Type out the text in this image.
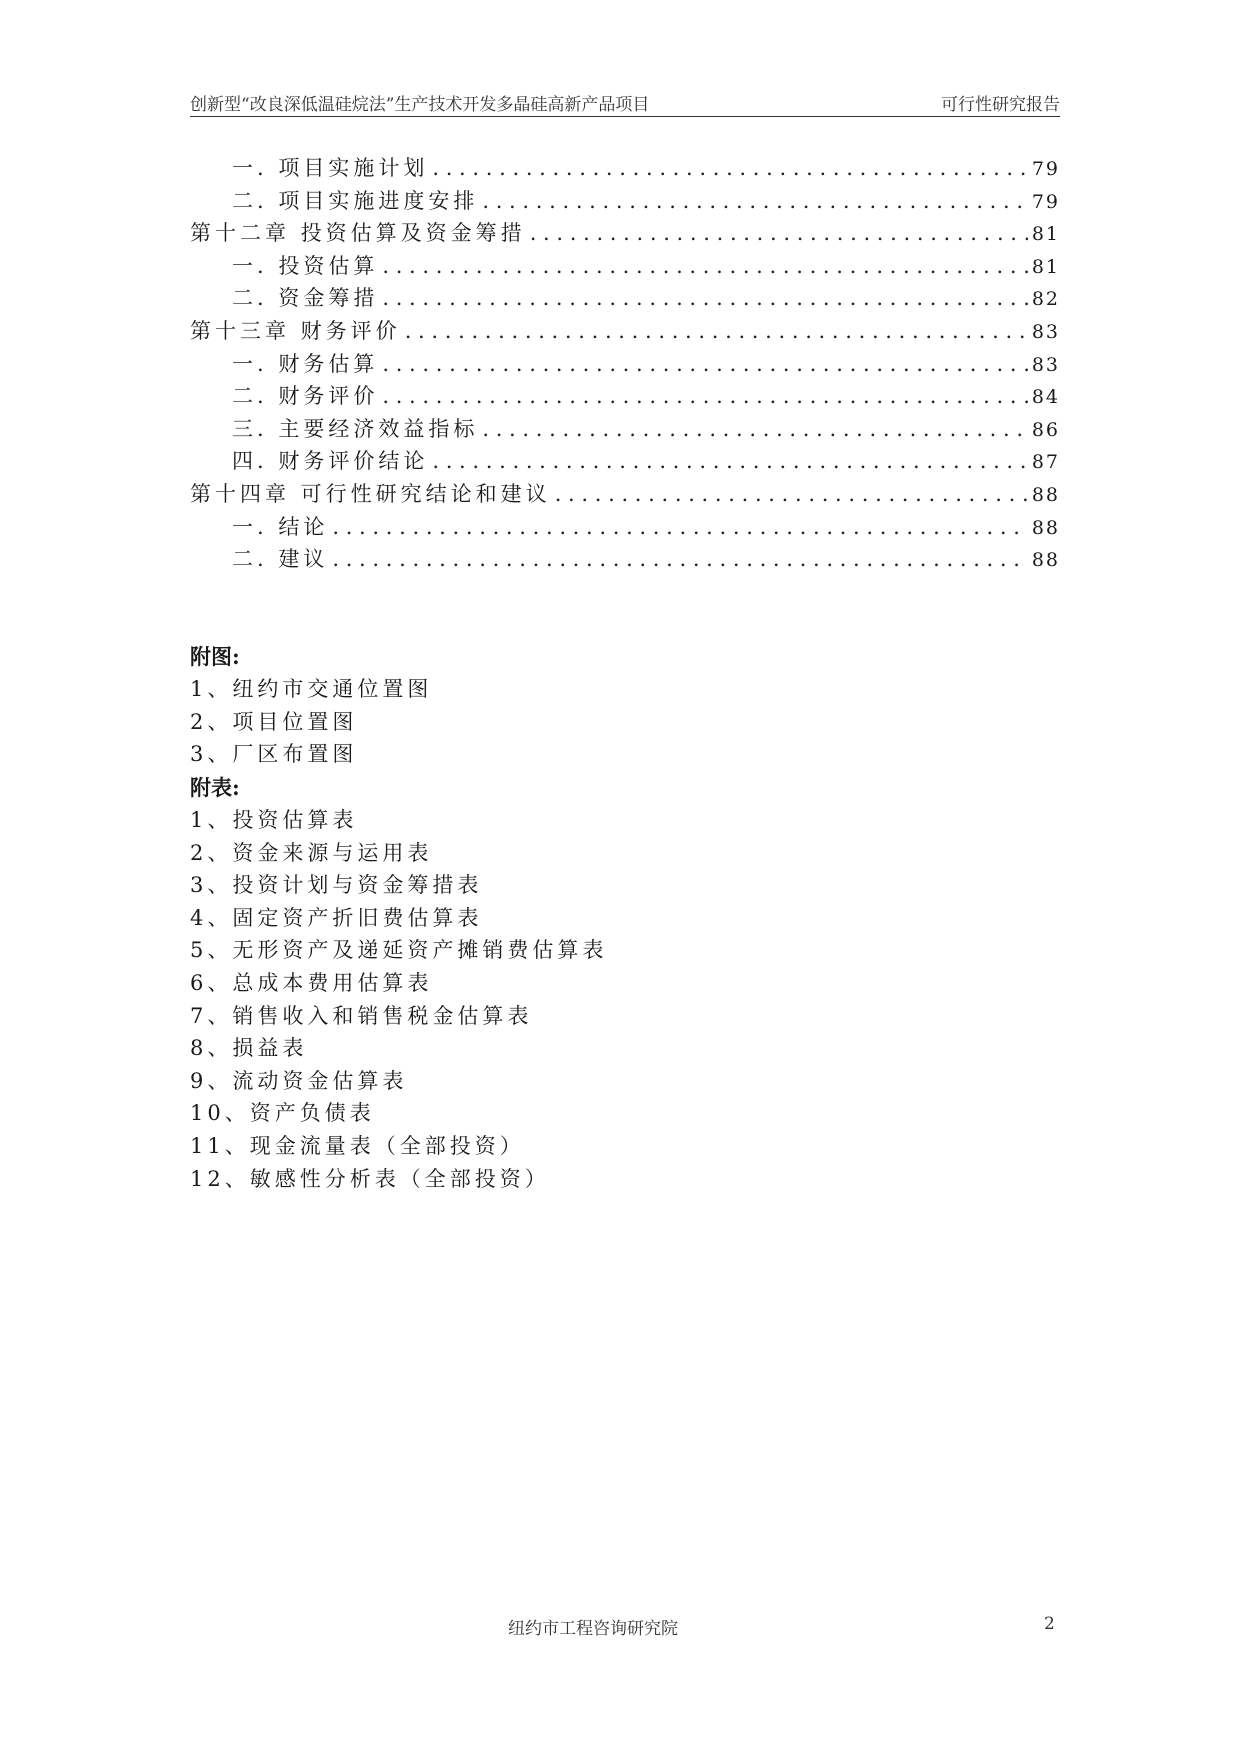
创新型“改良深低温硅烷法”生产技术开发多晶硅高新产品项目	可行性研究报告
一. 项目实施计划 . . .	79
二. 项目实施进度安排 . . .	79
第十二章 投资估算及资金筹措 . . .	81
一. 投资估算 . . .	81
二. 资金筹措 . . .	82
第十三章 财务评价 . . .	83
一. 财务估算 . . .	83
二. 财务评价 . . .	84
三. 主要经济效益指标 . . .	86
四. 财务评价结论 . . .	87
第十四章 可行性研究结论和建议 . . .	88
一. 结论 . . .	88
二. 建议 . . .	88
附图:
1、纽约市交通位置图
2、项目位置图
3、厂区布置图
附表:
1、投资估算表
2、资金来源与运用表
3、投资计划与资金筹措表
4、固定资产折旧费估算表
5、无形资产及递延资产摊销费估算表
6、总成本费用估算表
7、销售收入和销售税金估算表
8、损益表
9、流动资金估算表
10、资产负债表
11、现金流量表（全部投资）
12、敏感性分析表（全部投资）
纽约市工程咨询研究院	2
